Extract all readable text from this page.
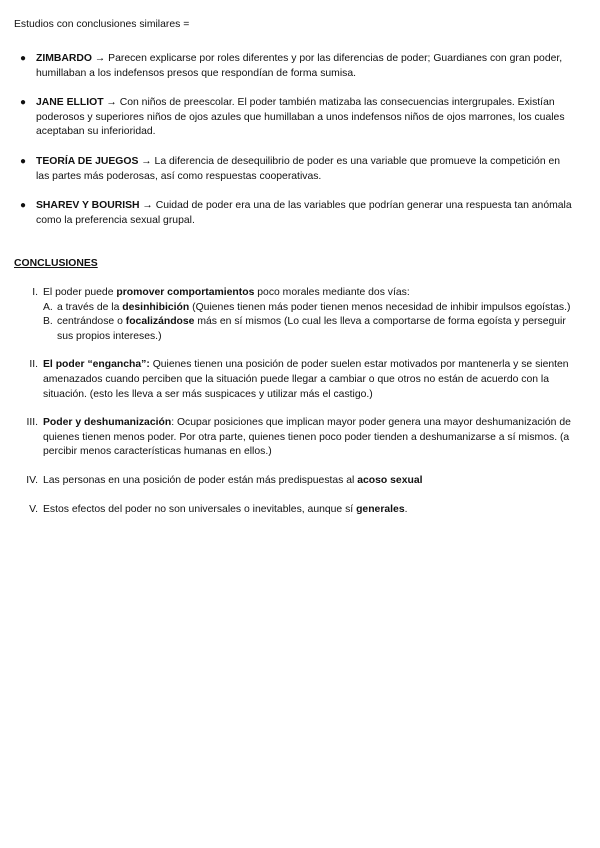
Estudios con conclusiones similares =
● ZIMBARDO → Parecen explicarse por roles diferentes y por las diferencias de poder; Guardianes con gran poder, humillaban a los indefensos presos que respondían de forma sumisa.
● JANE ELLIOT → Con niños de preescolar. El poder también matizaba las consecuencias intergrupales. Existían poderosos y superiores niños de ojos azules que humillaban a unos indefensos niños de ojos marrones, los cuales aceptaban su inferioridad.
● TEORÍA DE JUEGOS → La diferencia de desequilibrio de poder es una variable que promueve la competición en las partes más poderosas, así como respuestas cooperativas.
● SHAREV Y BOURISH → Cuidad de poder era una de las variables que podrían generar una respuesta tan anómala como la preferencia sexual grupal.
CONCLUSIONES
I. El poder puede promover comportamientos poco morales mediante dos vías:
A. a través de la desinhibición (Quienes tienen más poder tienen menos necesidad de inhibir impulsos egoístas.)
B. centrándose o focalizándose más en sí mismos (Lo cual les lleva a comportarse de forma egoísta y perseguir sus propios intereses.)
II. El poder “engancha”: Quienes tienen una posición de poder suelen estar motivados por mantenerla y se sienten amenazados cuando perciben que la situación puede llegar a cambiar o que otros no están de acuerdo con la situación. (esto les lleva a ser más suspicaces y utilizar más el castigo.)
III. Poder y deshumanización: Ocupar posiciones que implican mayor poder genera una mayor deshumanización de quienes tienen menos poder. Por otra parte, quienes tienen poco poder tienden a deshumanizarse a sí mismos. (a percibir menos características humanas en ellos.)
IV. Las personas en una posición de poder están más predispuestas al acoso sexual
V. Estos efectos del poder no son universales o inevitables, aunque sí generales.
